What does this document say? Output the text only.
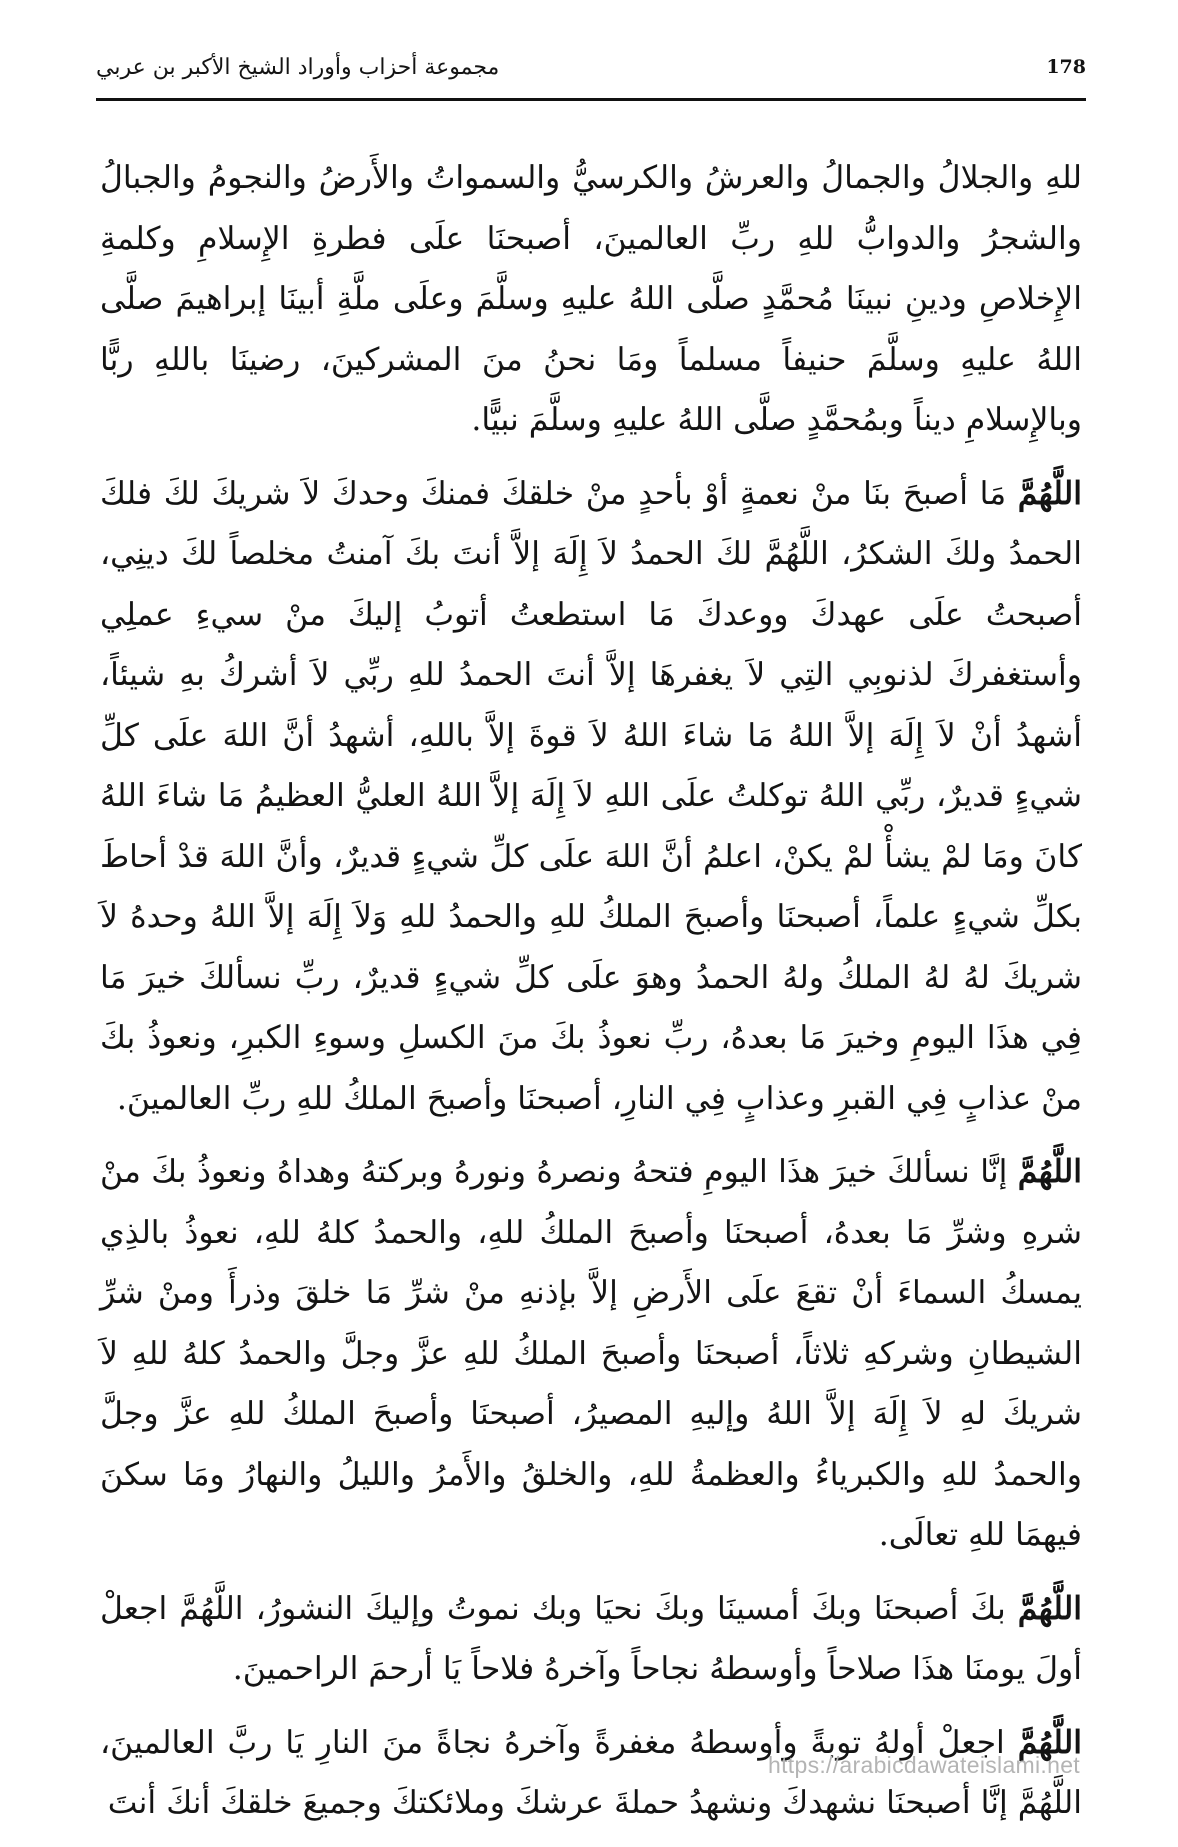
مجموعة أحزاب وأوراد الشيخ الأكبر بن عربي	178

للهِ والجلالُ والجمالُ والعرشُ والكرسيُّ والسمواتُ والأَرضُ والنجومُ والجبالُ والشجرُ والدوابُّ للهِ ربِّ العالمينَ، أصبحنَا علَى فطرةِ الإِسلامِ وكلمةِ الإِخلاصِ ودينِ نبينَا مُحمَّدٍ صلَّى اللهُ عليهِ وسلَّمَ وعلَى ملَّةِ أبينَا إبراهيمَ صلَّى اللهُ عليهِ وسلَّمَ حنيفاً مسلماً ومَا نحنُ منَ المشركينَ، رضينَا باللهِ ربًّا وبالإِسلامِ ديناً وبمُحمَّدٍ صلَّى اللهُ عليهِ وسلَّمَ نبيًّا.

اللَّهُمَّ مَا أصبحَ بنَا منْ نعمةٍ أوْ بأحدٍ منْ خلقكَ فمنكَ وحدكَ لاَ شريكَ لكَ فلكَ الحمدُ ولكَ الشكرُ، اللَّهُمَّ لكَ الحمدُ لاَ إِلَهَ إلاَّ أنتَ بكَ آمنتُ مخلصاً لكَ دينِي، أصبحتُ علَى عهدكَ ووعدكَ مَا استطعتُ أتوبُ إليكَ منْ سيءِ عملِي وأستغفركَ لذنوبِي التِي لاَ يغفرهَا إلاَّ أنتَ الحمدُ للهِ ربِّي لاَ أشركُ بهِ شيئاً، أشهدُ أنْ لاَ إِلَهَ إلاَّ اللهُ مَا شاءَ اللهُ لاَ قوةَ إلاَّ باللهِ، أشهدُ أنَّ اللهَ علَى كلِّ شيءٍ قديرٌ، ربِّي اللهُ توكلتُ علَى اللهِ لاَ إِلَهَ إلاَّ اللهُ العليُّ العظيمُ مَا شاءَ اللهُ كانَ ومَا لمْ يشأْ لمْ يكنْ، اعلمُ أنَّ اللهَ علَى كلِّ شيءٍ قديرٌ، وأنَّ اللهَ قدْ أحاطَ بكلِّ شيءٍ علماً، أصبحنَا وأصبحَ الملكُ للهِ والحمدُ للهِ وَلاَ إِلَهَ إلاَّ اللهُ وحدهُ لاَ شريكَ لهُ لهُ الملكُ ولهُ الحمدُ وهوَ علَى كلِّ شيءٍ قديرٌ، ربِّ نسألكَ خيرَ مَا فِي هذَا اليومِ وخيرَ مَا بعدهُ، ربِّ نعوذُ بكَ منَ الكسلِ وسوءِ الكبرِ، ونعوذُ بكَ منْ عذابٍ فِي القبرِ وعذابٍ فِي النارِ، أصبحنَا وأصبحَ الملكُ للهِ ربِّ العالمينَ.

اللَّهُمَّ إنَّا نسألكَ خيرَ هذَا اليومِ فتحهُ ونصرهُ ونورهُ وبركتهُ وهداهُ ونعوذُ بكَ منْ شرهِ وشرِّ مَا بعدهُ، أصبحنَا وأصبحَ الملكُ للهِ، والحمدُ كلهُ للهِ، نعوذُ بالذِي يمسكُ السماءَ أنْ تقعَ علَى الأَرضِ إلاَّ بإذنهِ منْ شرِّ مَا خلقَ وذرأَ ومنْ شرِّ الشيطانِ وشركهِ ثلاثاً، أصبحنَا وأصبحَ الملكُ للهِ عزَّ وجلَّ والحمدُ كلهُ للهِ لاَ شريكَ لهِ لاَ إِلَهَ إلاَّ اللهُ وإليهِ المصيرُ، أصبحنَا وأصبحَ الملكُ للهِ عزَّ وجلَّ والحمدُ للهِ والكبرياءُ والعظمةُ للهِ، والخلقُ والأَمرُ والليلُ والنهارُ ومَا سكنَ فيهمَا للهِ تعالَى.

اللَّهُمَّ بكَ أصبحنَا وبكَ أمسينَا وبكَ نحيَا وبك نموتُ وإليكَ النشورُ، اللَّهُمَّ اجعلْ أولَ يومنَا هذَا صلاحاً وأوسطهُ نجاحاً وآخرهُ فلاحاً يَا أرحمَ الراحمينَ.

اللَّهُمَّ اجعلْ أولهُ توبةً وأوسطهُ مغفرةً وآخرهُ نجاةً منَ النارِ يَا ربَّ العالمينَ، اللَّهُمَّ إنَّا أصبحنَا نشهدكَ ونشهدُ حملةَ عرشكَ وملائكتكَ وجميعَ خلقكَ أنكَ أنتَ

https://arabicdawateislami.net
